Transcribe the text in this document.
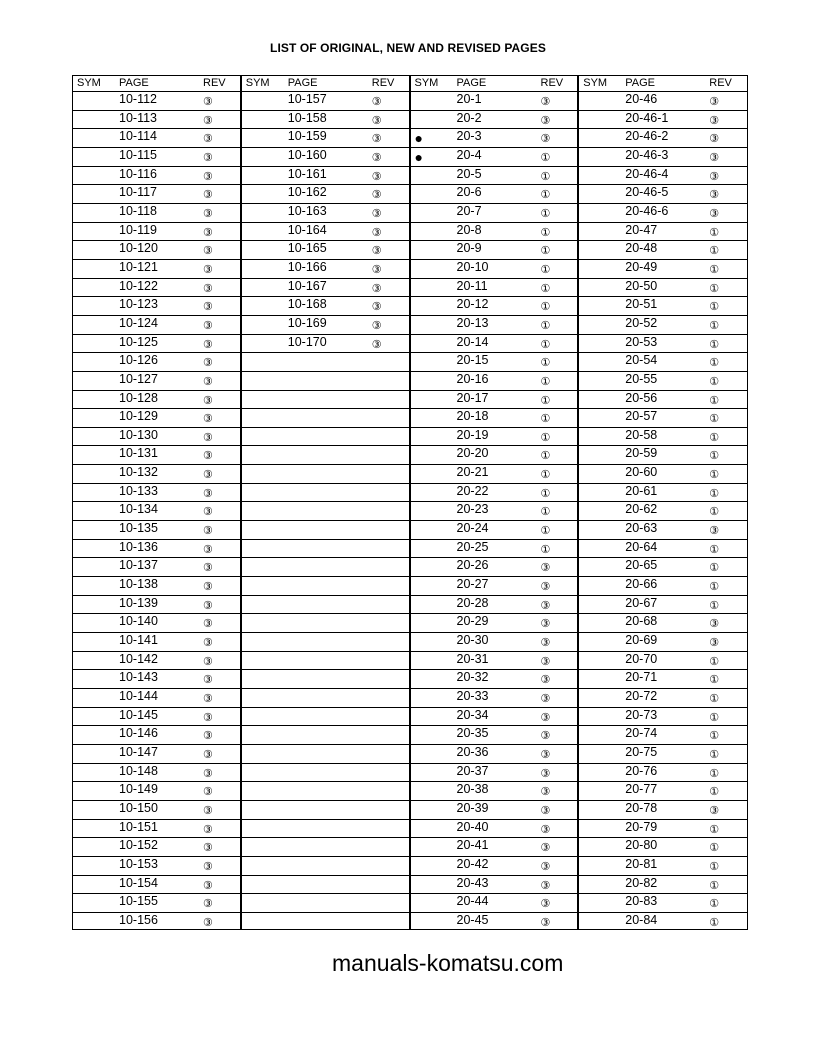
LIST OF ORIGINAL, NEW AND REVISED PAGES
SYM PAGE	REV
10-112	③
10-113	③
10-114	③
10-115	③
10-116	③
10-117	③
10-118	③
10-119	③
10-120	③
10-121	③
10-122	③
10-123	③
10-124	③
10-125	③
10-126	③
10-127	③
10-128	③
10-129	③
10-130	③
10-131	③
10-132	③
10-133	③
10-134	③
10-135	③
10-136	③
10-137	③
10-138	③
10-139	③
10-140	③
10-141	③
10-142	③
10-143	③
10-144	③
10-145	③
10-146	③
10-147	③
10-148	③
10-149	③
10-150	③
10-151	③
10-152	③
10-153	③
10-154	③
10-155	③
10-156	③
SYM PAGE	REV
10-157	③
10-158	③
10-159	③
10-160	③
10-161	③
10-162	③
10-163	③
10-164	③
10-165	③
10-166	③
10-167	③
10-168	③
10-169	③
10-170	③
SYM PAGE	REV
20-1	③
20-2	③
●	20-3	③
●	20-4	①
20-5	①
20-6	①
20-7	①
20-8	①
20-9	①
20-10	①
20-11	①
20-12	①
20-13	①
20-14	①
20-15	①
20-16	①
20-17	①
20-18	①
20-19	①
20-20	①
20-21	①
20-22	①
20-23	①
20-24	①
20-25	①
20-26	③
20-27	③
20-28	③
20-29	③
20-30	③
20-31	③
20-32	③
20-33	③
20-34	③
20-35	③
20-36	③
20-37	③
20-38	③
20-39	③
20-40	③
20-41	③
20-42	③
20-43	③
20-44	③
20-45	③
SYM PAGE	REV
20-46	③
20-46-1	③
20-46-2	③
20-46-3	③
20-46-4	③
20-46-5	③
20-46-6	③
20-47	①
20-48	①
20-49	①
20-50	①
20-51	①
20-52	①
20-53	①
20-54	①
20-55	①
20-56	①
20-57	①
20-58	①
20-59	①
20-60	①
20-61	①
20-62	①
20-63	③
20-64	①
20-65	①
20-66	①
20-67	①
20-68	③
20-69	③
20-70	①
20-71	①
20-72	①
20-73	①
20-74	①
20-75	①
20-76	①
20-77	①
20-78	③
20-79	①
20-80	①
20-81	①
20-82	①
20-83	①
20-84	①
manuals-komatsu.com
